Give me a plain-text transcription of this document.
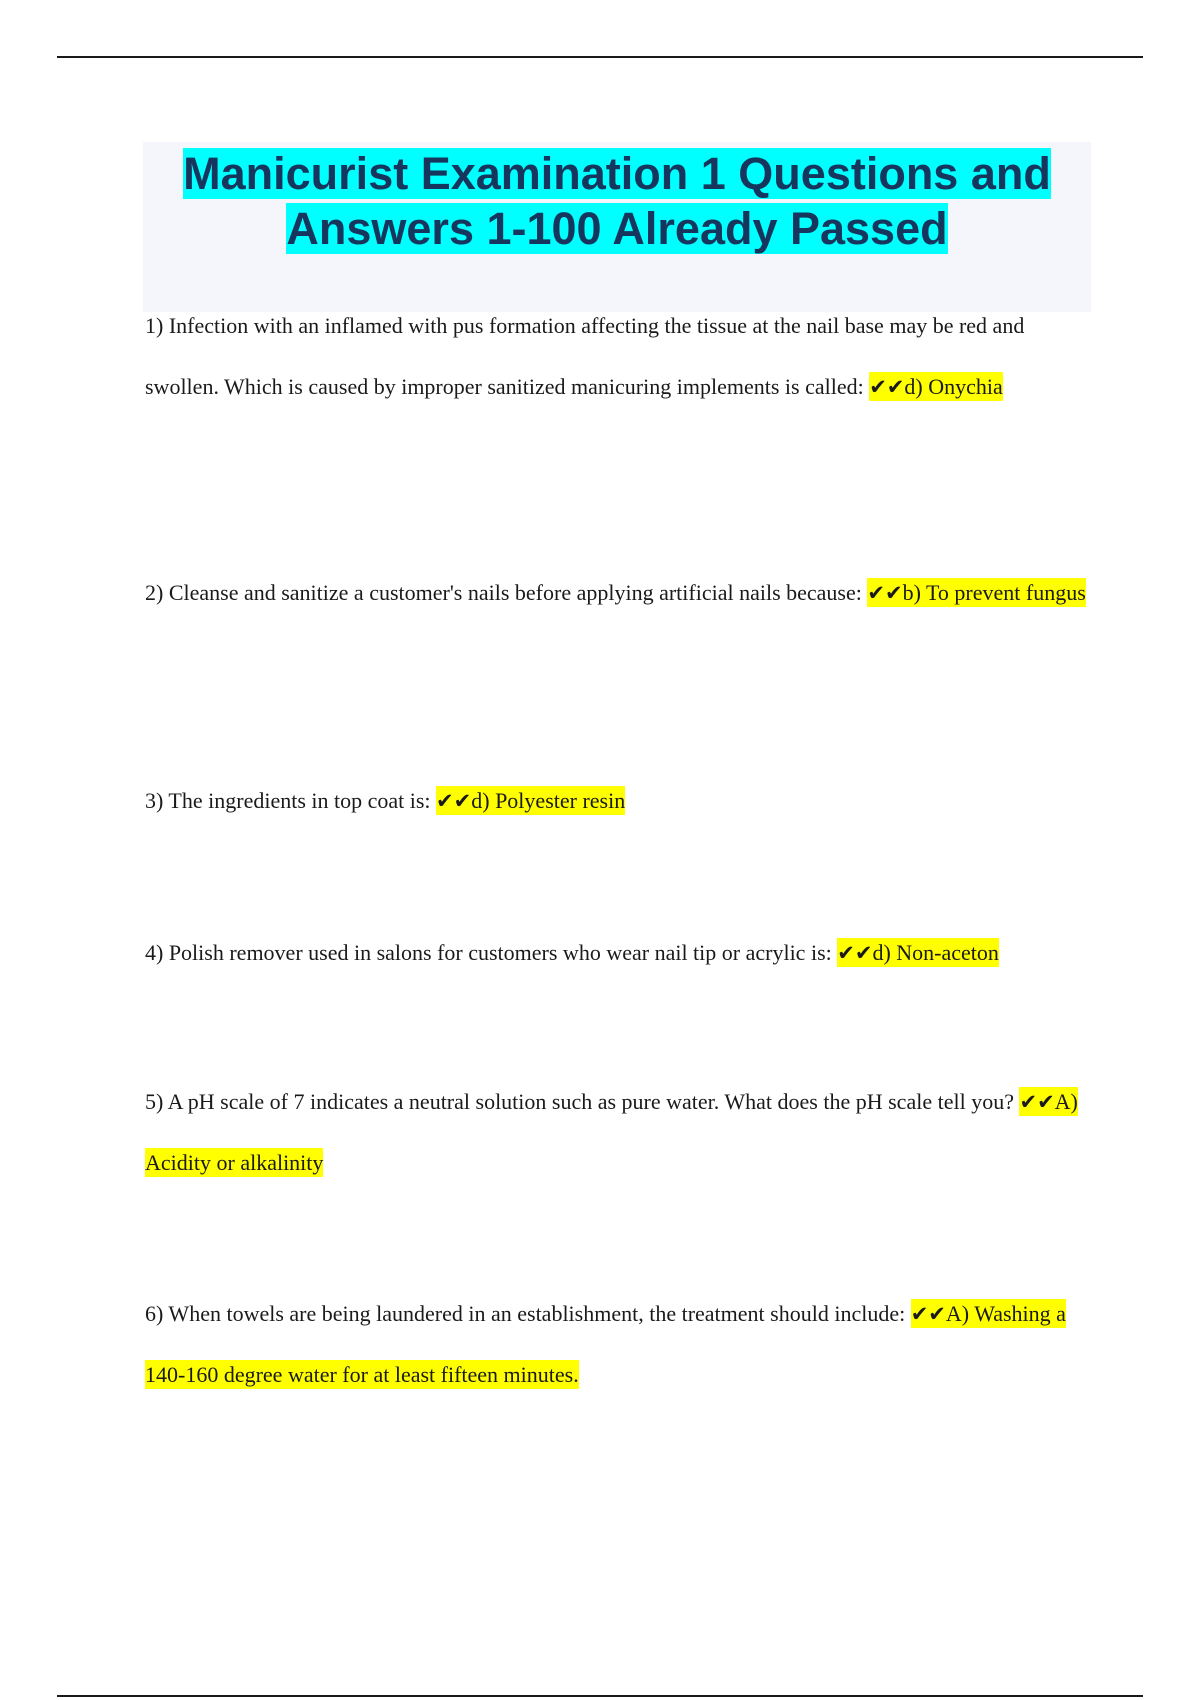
Manicurist Examination 1 Questions and Answers 1-100 Already Passed

1) Infection with an inflamed with pus formation affecting the tissue at the nail base may be red and swollen. Which is caused by improper sanitized manicuring implements is called: ✔✔d) Onychia

2) Cleanse and sanitize a customer's nails before applying artificial nails because: ✔✔b) To prevent fungus

3) The ingredients in top coat is: ✔✔d) Polyester resin

4) Polish remover used in salons for customers who wear nail tip or acrylic is: ✔✔d) Non-aceton

5) A pH scale of 7 indicates a neutral solution such as pure water. What does the pH scale tell you? ✔✔A) Acidity or alkalinity

6) When towels are being laundered in an establishment, the treatment should include: ✔✔A) Washing a 140-160 degree water for at least fifteen minutes.
